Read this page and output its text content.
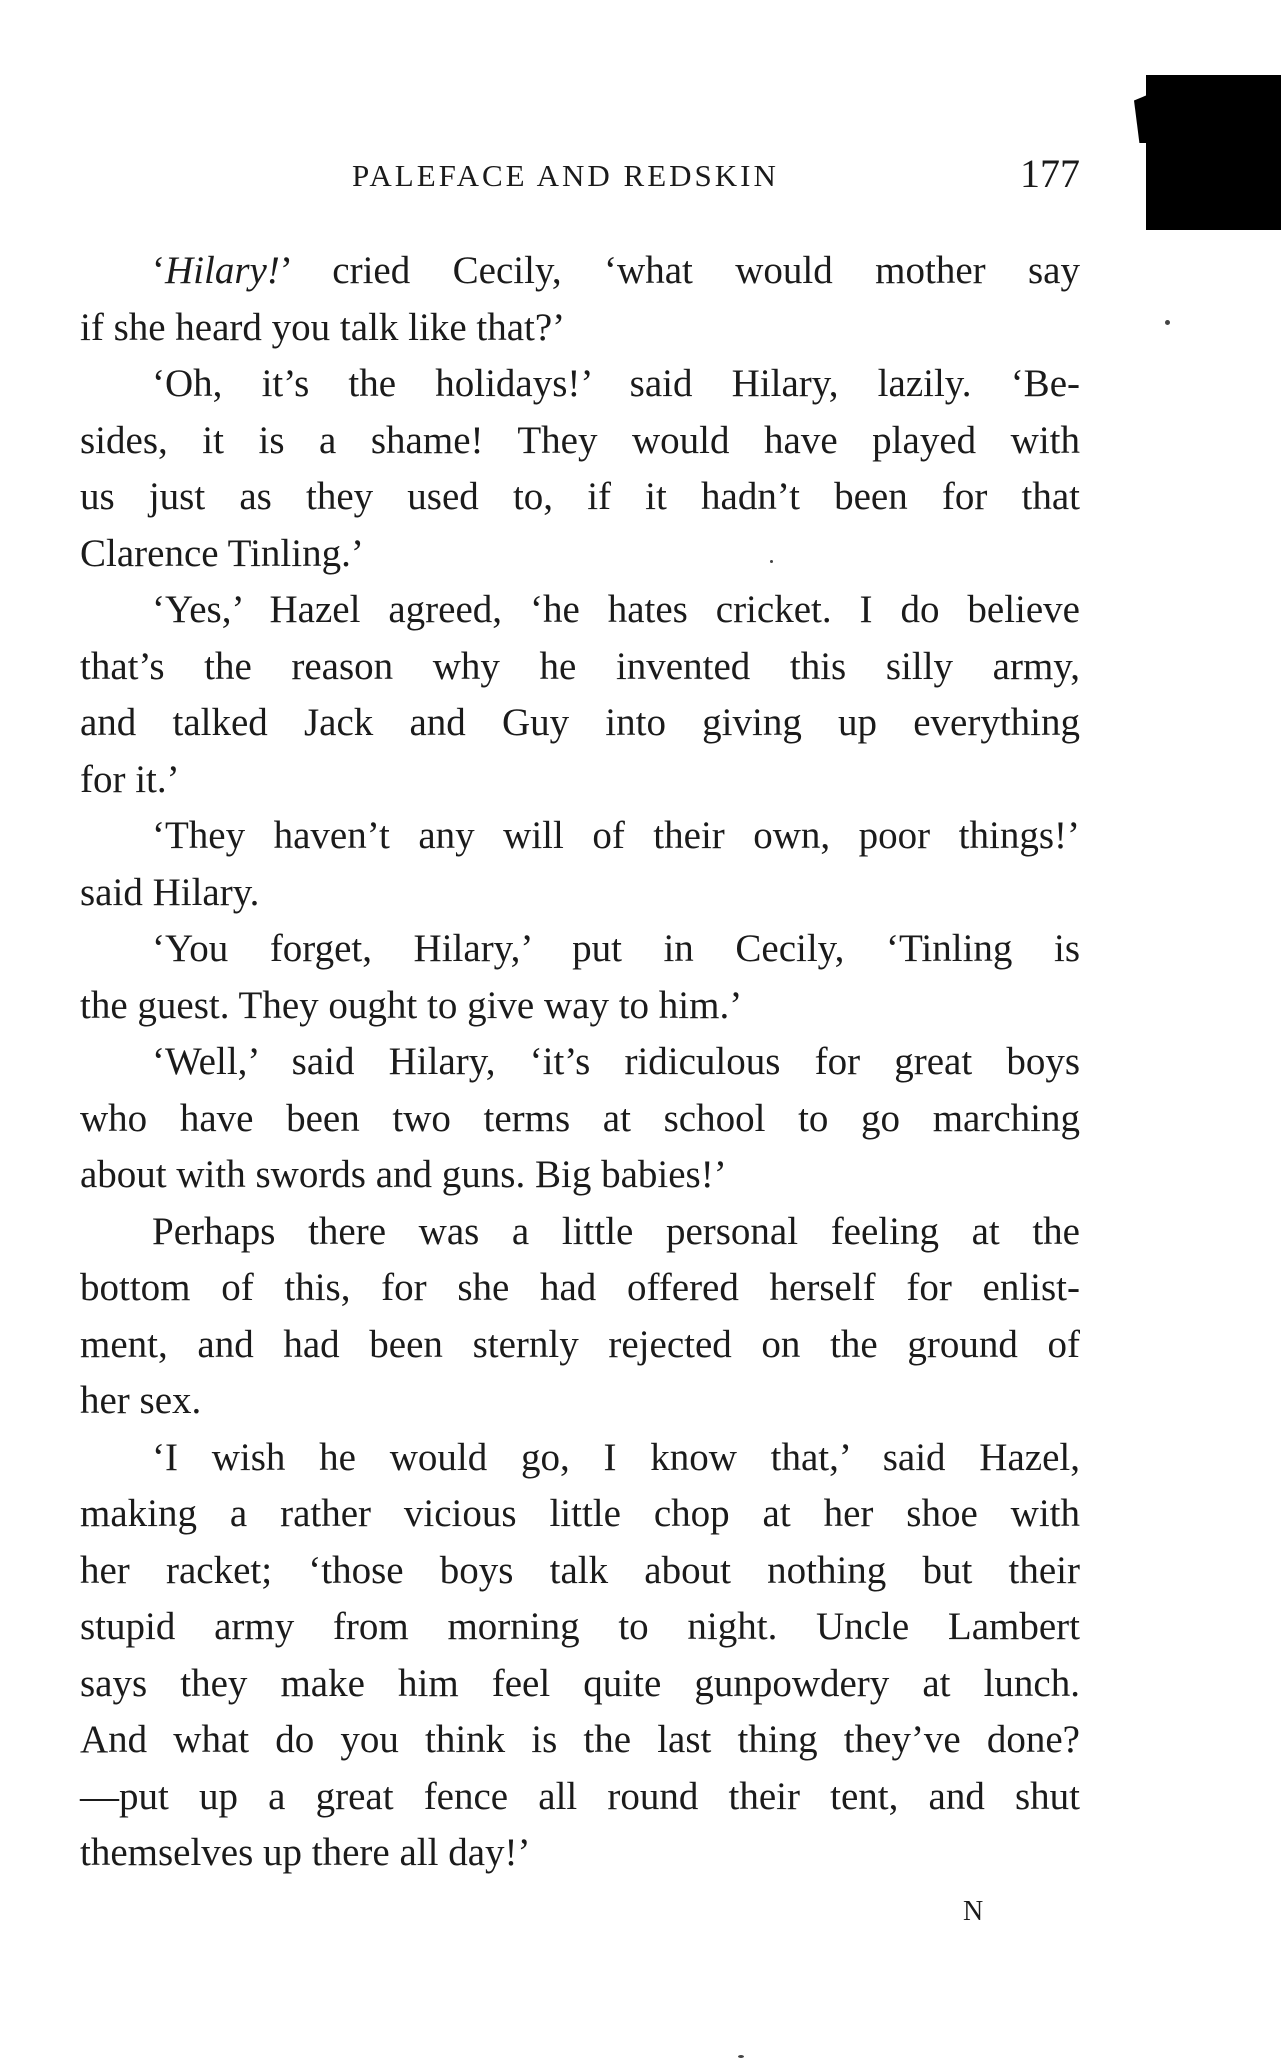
PALEFACE AND REDSKIN	177
‘Hilary!’ cried Cecily, ‘what would mother say
if she heard you talk like that?’
‘Oh, it’s the holidays!’ said Hilary, lazily. ‘Be-
sides, it is a shame! They would have played with
us just as they used to, if it hadn’t been for that
Clarence Tinling.’
‘Yes,’ Hazel agreed, ‘he hates cricket. I do believe
that’s the reason why he invented this silly army,
and talked Jack and Guy into giving up everything
for it.’
‘They haven’t any will of their own, poor things!’
said Hilary.
‘You forget, Hilary,’ put in Cecily, ‘Tinling is
the guest. They ought to give way to him.’
‘Well,’ said Hilary, ‘it’s ridiculous for great boys
who have been two terms at school to go marching
about with swords and guns. Big babies!’
Perhaps there was a little personal feeling at the
bottom of this, for she had offered herself for enlist-
ment, and had been sternly rejected on the ground of
her sex.
‘I wish he would go, I know that,’ said Hazel,
making a rather vicious little chop at her shoe with
her racket; ‘those boys talk about nothing but their
stupid army from morning to night. Uncle Lambert
says they make him feel quite gunpowdery at lunch.
And what do you think is the last thing they’ve done?
—put up a great fence all round their tent, and shut
themselves up there all day!’
N
